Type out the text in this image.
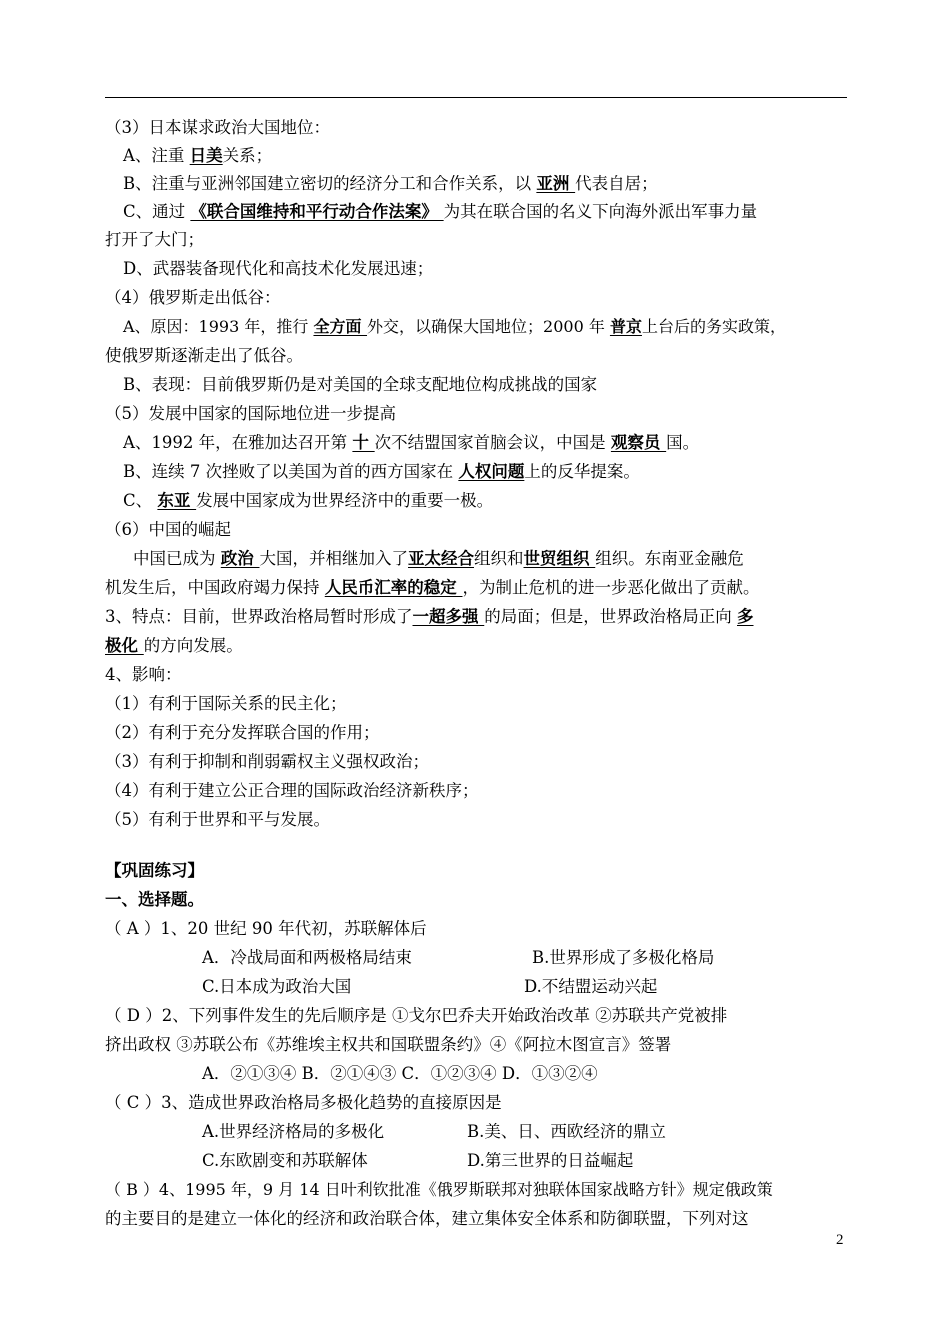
（3）日本谋求政治大国地位：
A、注重 日美关系；
B、注重与亚洲邻国建立密切的经济分工和合作关系，以 亚洲 代表自居；
C、通过 《联合国维持和平行动合作法案》 为其在联合国的名义下向海外派出军事力量
打开了大门；
D、武器装备现代化和高技术化发展迅速；
（4）俄罗斯走出低谷：
A、原因：1993 年，推行 全方面 外交，以确保大国地位；2000 年 普京上台后的务实政策，
使俄罗斯逐渐走出了低谷。
B、表现：目前俄罗斯仍是对美国的全球支配地位构成挑战的国家
（5）发展中国家的国际地位进一步提高
A、1992 年，在雅加达召开第 十 次不结盟国家首脑会议，中国是 观察员 国。
B、连续 7 次挫败了以美国为首的西方国家在 人权问题上的反华提案。
C、 东亚 发展中国家成为世界经济中的重要一极。
（6）中国的崛起
中国已成为 政治 大国，并相继加入了亚太经合组织和世贸组织 组织。东南亚金融危
机发生后，中国政府竭力保持 人民币汇率的稳定 ，为制止危机的进一步恶化做出了贡献。
3、特点：目前，世界政治格局暂时形成了一超多强 的局面；但是，世界政治格局正向 多
极化 的方向发展。
4、影响：
（1）有利于国际关系的民主化；
（2）有利于充分发挥联合国的作用；
（3）有利于抑制和削弱霸权主义强权政治；
（4）有利于建立公正合理的国际政治经济新秩序；
（5）有利于世界和平与发展。
【巩固练习】
一、选择题。
（ A ）1、20 世纪 90 年代初，苏联解体后
A．冷战局面和两极格局结束	B.世界形成了多极化格局
C.日本成为政治大国	D.不结盟运动兴起
（ D ）2、下列事件发生的先后顺序是 ①戈尔巴乔夫开始政治改革 ②苏联共产党被排
挤出政权 ③苏联公布《苏维埃主权共和国联盟条约》④《阿拉木图宣言》签署
A．②①③④ B．②①④③ C．①②③④ D．①③②④
（ C ）3、造成世界政治格局多极化趋势的直接原因是
A.世界经济格局的多极化	B.美、日、西欧经济的鼎立
C.东欧剧变和苏联解体	D.第三世界的日益崛起
（ B ）4、1995 年，9 月 14 日叶利钦批准《俄罗斯联邦对独联体国家战略方针》规定俄政策
的主要目的是建立一体化的经济和政治联合体，建立集体安全体系和防御联盟，下列对这
2
